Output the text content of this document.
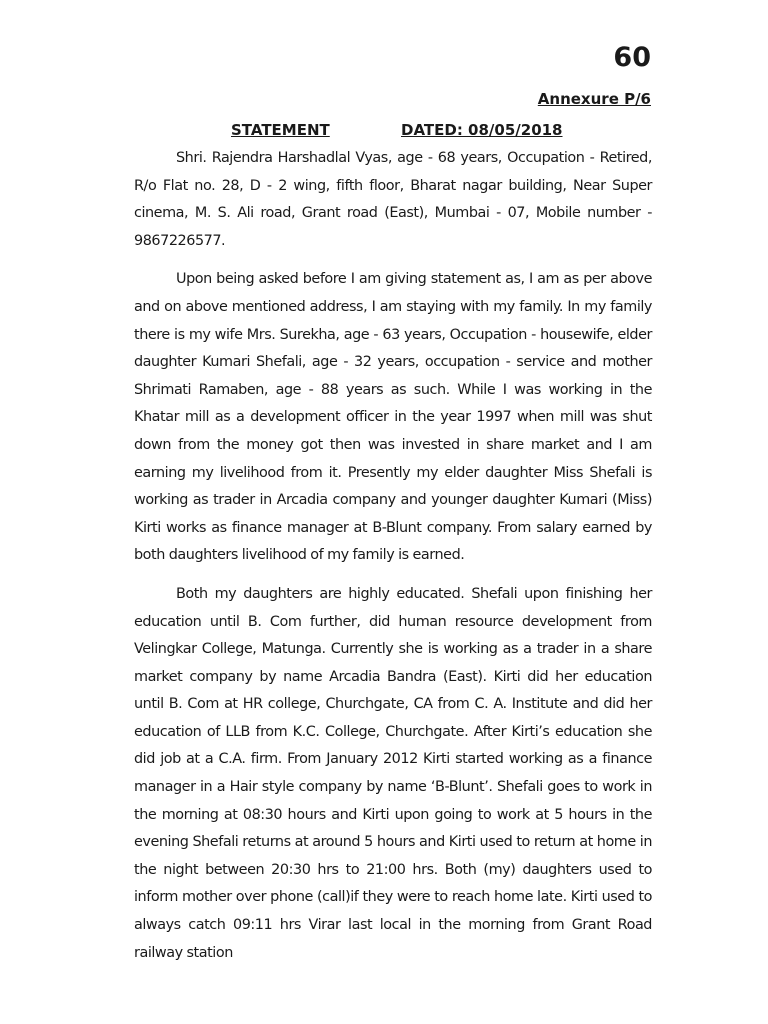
60
Annexure P/6
STATEMENT	DATED: 08/05/2018

Shri. Rajendra Harshadlal Vyas, age - 68 years, Occupation - Retired, R/o Flat no. 28, D - 2 wing, fifth floor, Bharat nagar building, Near Super cinema, M. S. Ali road, Grant road (East), Mumbai - 07, Mobile number - 9867226577.

Upon being asked before I am giving statement as, I am as per above and on above mentioned address, I am staying with my family. In my family there is my wife Mrs. Surekha, age - 63 years, Occupation - housewife, elder daughter Kumari Shefali, age - 32 years, occupation - service and mother Shrimati Ramaben, age - 88 years as such. While I was working in the Khatar mill as a development officer in the year 1997 when mill was shut down from the money got then was invested in share market and I am earning my livelihood from it. Presently my elder daughter Miss Shefali is working as trader in Arcadia company and younger daughter Kumari (Miss) Kirti works as finance manager at B-Blunt company. From salary earned by both daughters livelihood of my family is earned.

Both my daughters are highly educated. Shefali upon finishing her education until B. Com further, did human resource development from Velingkar College, Matunga. Currently she is working as a trader in a share market company by name Arcadia Bandra (East). Kirti did her education until B. Com at HR college, Churchgate, CA from C. A. Institute and did her education of LLB from K.C. College, Churchgate. After Kirti’s education she did job at a C.A. firm. From January 2012 Kirti started working as a finance manager in a Hair style company by name ‘B-Blunt’. Shefali goes to work in the morning at 08:30 hours and Kirti upon going to work at 5 hours in the evening Shefali returns at around 5 hours and Kirti used to return at home in the night between 20:30 hrs to 21:00 hrs. Both (my) daughters used to inform mother over phone (call)if they were to reach home late. Kirti used to always catch 09:11 hrs Virar last local in the morning from Grant Road railway station
